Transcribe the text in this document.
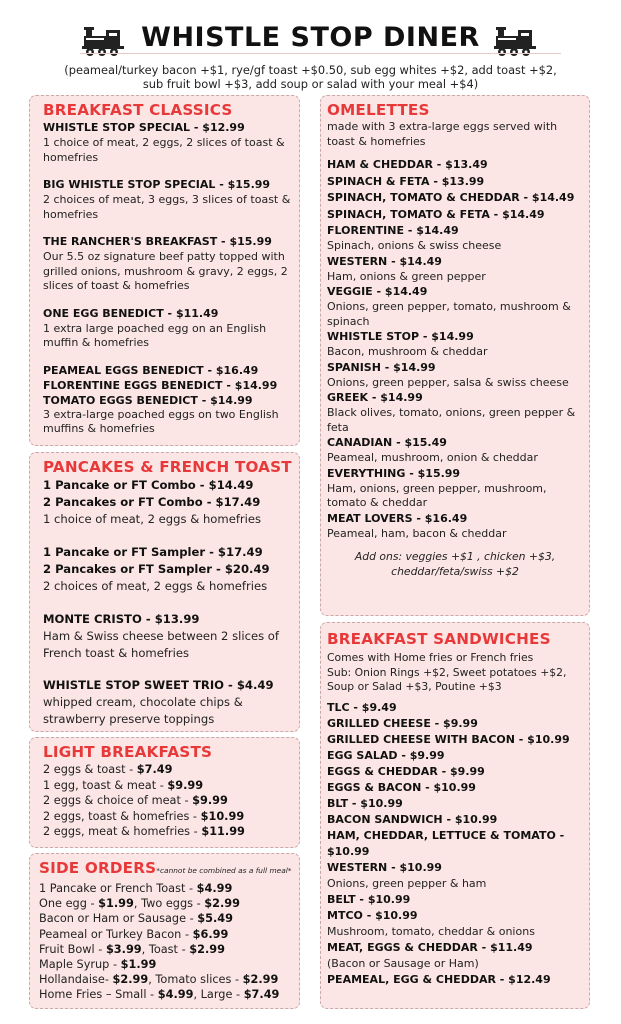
WHISTLE STOP DINER
(peameal/turkey bacon +$1, rye/gf toast +$0.50, sub egg whites +$2, add toast +$2,
sub fruit bowl +$3, add soup or salad with your meal +$4)
BREAKFAST CLASSICS
WHISTLE STOP SPECIAL - $12.99
1 choice of meat, 2 eggs, 2 slices of toast & homefries
BIG WHISTLE STOP SPECIAL - $15.99
2 choices of meat, 3 eggs, 3 slices of toast & homefries
THE RANCHER'S BREAKFAST - $15.99
Our 5.5 oz signature beef patty topped with grilled onions, mushroom & gravy, 2 eggs, 2 slices of toast & homefries
ONE EGG BENEDICT - $11.49
1 extra large poached egg on an English muffin & homefries
PEAMEAL EGGS BENEDICT - $16.49
FLORENTINE EGGS BENEDICT - $14.99
TOMATO EGGS BENEDICT - $14.99
3 extra-large poached eggs on two English muffins & homefries
PANCAKES & FRENCH TOAST
1 Pancake or FT Combo - $14.49
2 Pancakes or FT Combo - $17.49
1 choice of meat, 2 eggs & homefries
1 Pancake or FT Sampler - $17.49
2 Pancakes or FT Sampler - $20.49
2 choices of meat, 2 eggs & homefries
MONTE CRISTO - $13.99
Ham & Swiss cheese between 2 slices of French toast & homefries
WHISTLE STOP SWEET TRIO - $4.49
whipped cream, chocolate chips & strawberry preserve toppings
LIGHT BREAKFASTS
2 eggs & toast - $7.49
1 egg, toast & meat - $9.99
2 eggs & choice of meat - $9.99
2 eggs, toast & homefries - $10.99
2 eggs, meat & homefries - $11.99
SIDE ORDERS*cannot be combined as a full meal*
1 Pancake or French Toast - $4.99
One egg - $1.99, Two eggs - $2.99
Bacon or Ham or Sausage - $5.49
Peameal or Turkey Bacon - $6.99
Fruit Bowl - $3.99, Toast - $2.99
Maple Syrup - $1.99
Hollandaise- $2.99, Tomato slices - $2.99
Home Fries – Small - $4.99, Large - $7.49
OMELETTES
made with 3 extra-large eggs served with toast & homefries
HAM & CHEDDAR - $13.49
SPINACH & FETA - $13.99
SPINACH, TOMATO & CHEDDAR - $14.49
SPINACH, TOMATO & FETA - $14.49
FLORENTINE - $14.49
Spinach, onions & swiss cheese
WESTERN - $14.49
Ham, onions & green pepper
VEGGIE - $14.49
Onions, green pepper, tomato, mushroom & spinach
WHISTLE STOP - $14.99
Bacon, mushroom & cheddar
SPANISH - $14.99
Onions, green pepper, salsa & swiss cheese
GREEK - $14.99
Black olives, tomato, onions, green pepper & feta
CANADIAN - $15.49
Peameal, mushroom, onion & cheddar
EVERYTHING - $15.99
Ham, onions, green pepper, mushroom, tomato & cheddar
MEAT LOVERS - $16.49
Peameal, ham, bacon & cheddar
Add ons: veggies +$1 , chicken +$3,
cheddar/feta/swiss +$2
BREAKFAST SANDWICHES
Comes with Home fries or French fries
Sub: Onion Rings +$2, Sweet potatoes +$2, Soup or Salad +$3, Poutine +$3
TLC - $9.49
GRILLED CHEESE - $9.99
GRILLED CHEESE WITH BACON - $10.99
EGG SALAD - $9.99
EGGS & CHEDDAR - $9.99
EGGS & BACON - $10.99
BLT - $10.99
BACON SANDWICH - $10.99
HAM, CHEDDAR, LETTUCE & TOMATO - $10.99
WESTERN - $10.99
Onions, green pepper & ham
BELT - $10.99
MTCO - $10.99
Mushroom, tomato, cheddar & onions
MEAT, EGGS & CHEDDAR - $11.49
(Bacon or Sausage or Ham)
PEAMEAL, EGG & CHEDDAR - $12.49
